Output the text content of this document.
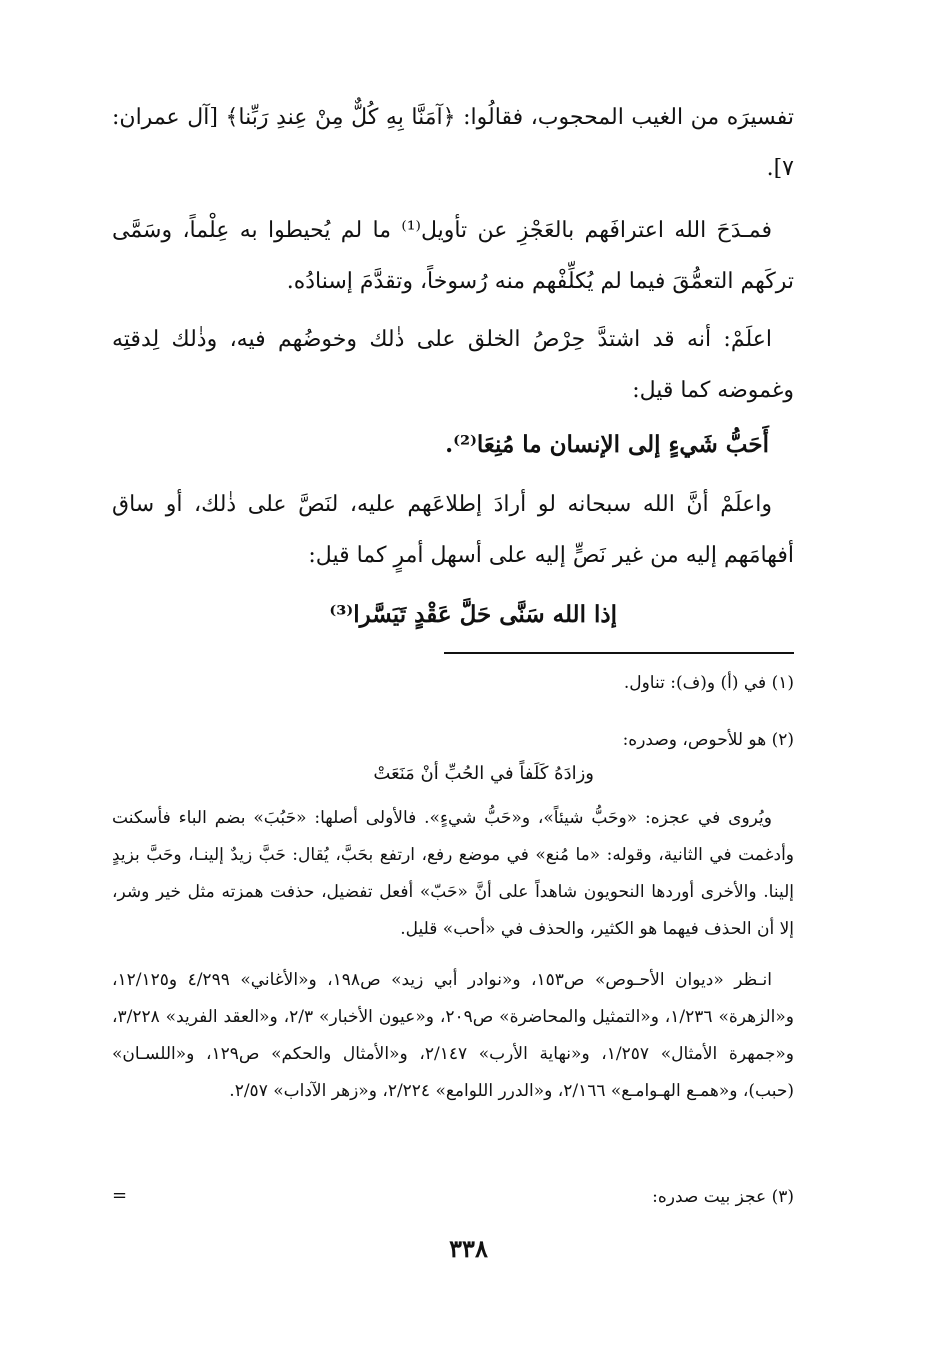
تفسيرَه من الغيب المحجوب، فقالُوا: ﴿آمَنَّا بِهِ كُلٌّ مِنْ عِندِ رَبِّنا﴾ [آل عمران: ٧].

فمـدَحَ الله اعترافَهم بالعَجْزِ عن تأويل⁽¹⁾ ما لم يُحيطوا به عِلْماً، وسَمَّى تركَهم التعمُّقَ فيما لم يُكلِّفْهم منه رُسوخاً، وتقدَّمَ إسنادُه.

اعلَمْ: أنه قد اشتدَّ حِرْصُ الخلق على ذٰلك وخوضُهم فيه، وذٰلك لِدقتِه وغموضه كما قيل:

أَحَبُّ شَيءٍ إلى الإنسان ما مُنِعَا⁽²⁾.

واعلَمْ أنَّ الله سبحانه لو أرادَ إطلاعَهم عليه، لنَصَّ على ذٰلك، أو ساق أفهامَهم إليه من غير نَصٍّ إليه على أسهل أمرٍ كما قيل:

إذا الله سَنَّى حَلَّ عَقْدٍ تَيَسَّرا⁽³⁾

(١) في (أ) و(ف): تناول.

(٢) هو للأحوص، وصدره:

وزادَهُ كَلَفاً في الحُبِّ أنْ مَنَعَتْ

ويُروى في عجزه: «وحَبُّ شيئاً»، و«حَبُّ شيءٍ». فالأولى أصلها: «حَبُبَ» بضم الباء فأسكنت وأدغمت في الثانية، وقوله: «ما مُنع» في موضع رفع، ارتفع بحَبَّ، يُقال: حَبَّ زيدٌ إلينـا، وحَبَّ بزيدٍ إلينا. والأخرى أوردها النحويون شاهداً على أنَّ «حَبّ» أفعل تفضيل، حذفت همزته مثل خير وشر، إلا أن الحذف فيهما هو الكثير، والحذف في «أحب» قليل.

انـظر «ديوان الأحـوص» ص١٥٣، و«نوادر أبي زيد» ص١٩٨، و«الأغاني» ٤/٢٩٩ و١٢/١٢٥، و«الزهرة» ١/٢٣٦، و«التمثيل والمحاضرة» ص٢٠٩، و«عيون الأخبار» ٢/٣، و«العقد الفريد» ٣/٢٢٨، و«جمهرة الأمثال» ١/٢٥٧، و«نهاية الأرب» ٢/١٤٧، و«الأمثال والحكم» ص١٢٩، و«اللسـان» (حبب)، و«همـع الهـوامـع» ٢/١٦٦، و«الدرر اللوامع» ٢/٢٢٤، و«زهر الآداب» ٢/٥٧.

(٣) عجز بيت صدره:

=
٣٣٨
